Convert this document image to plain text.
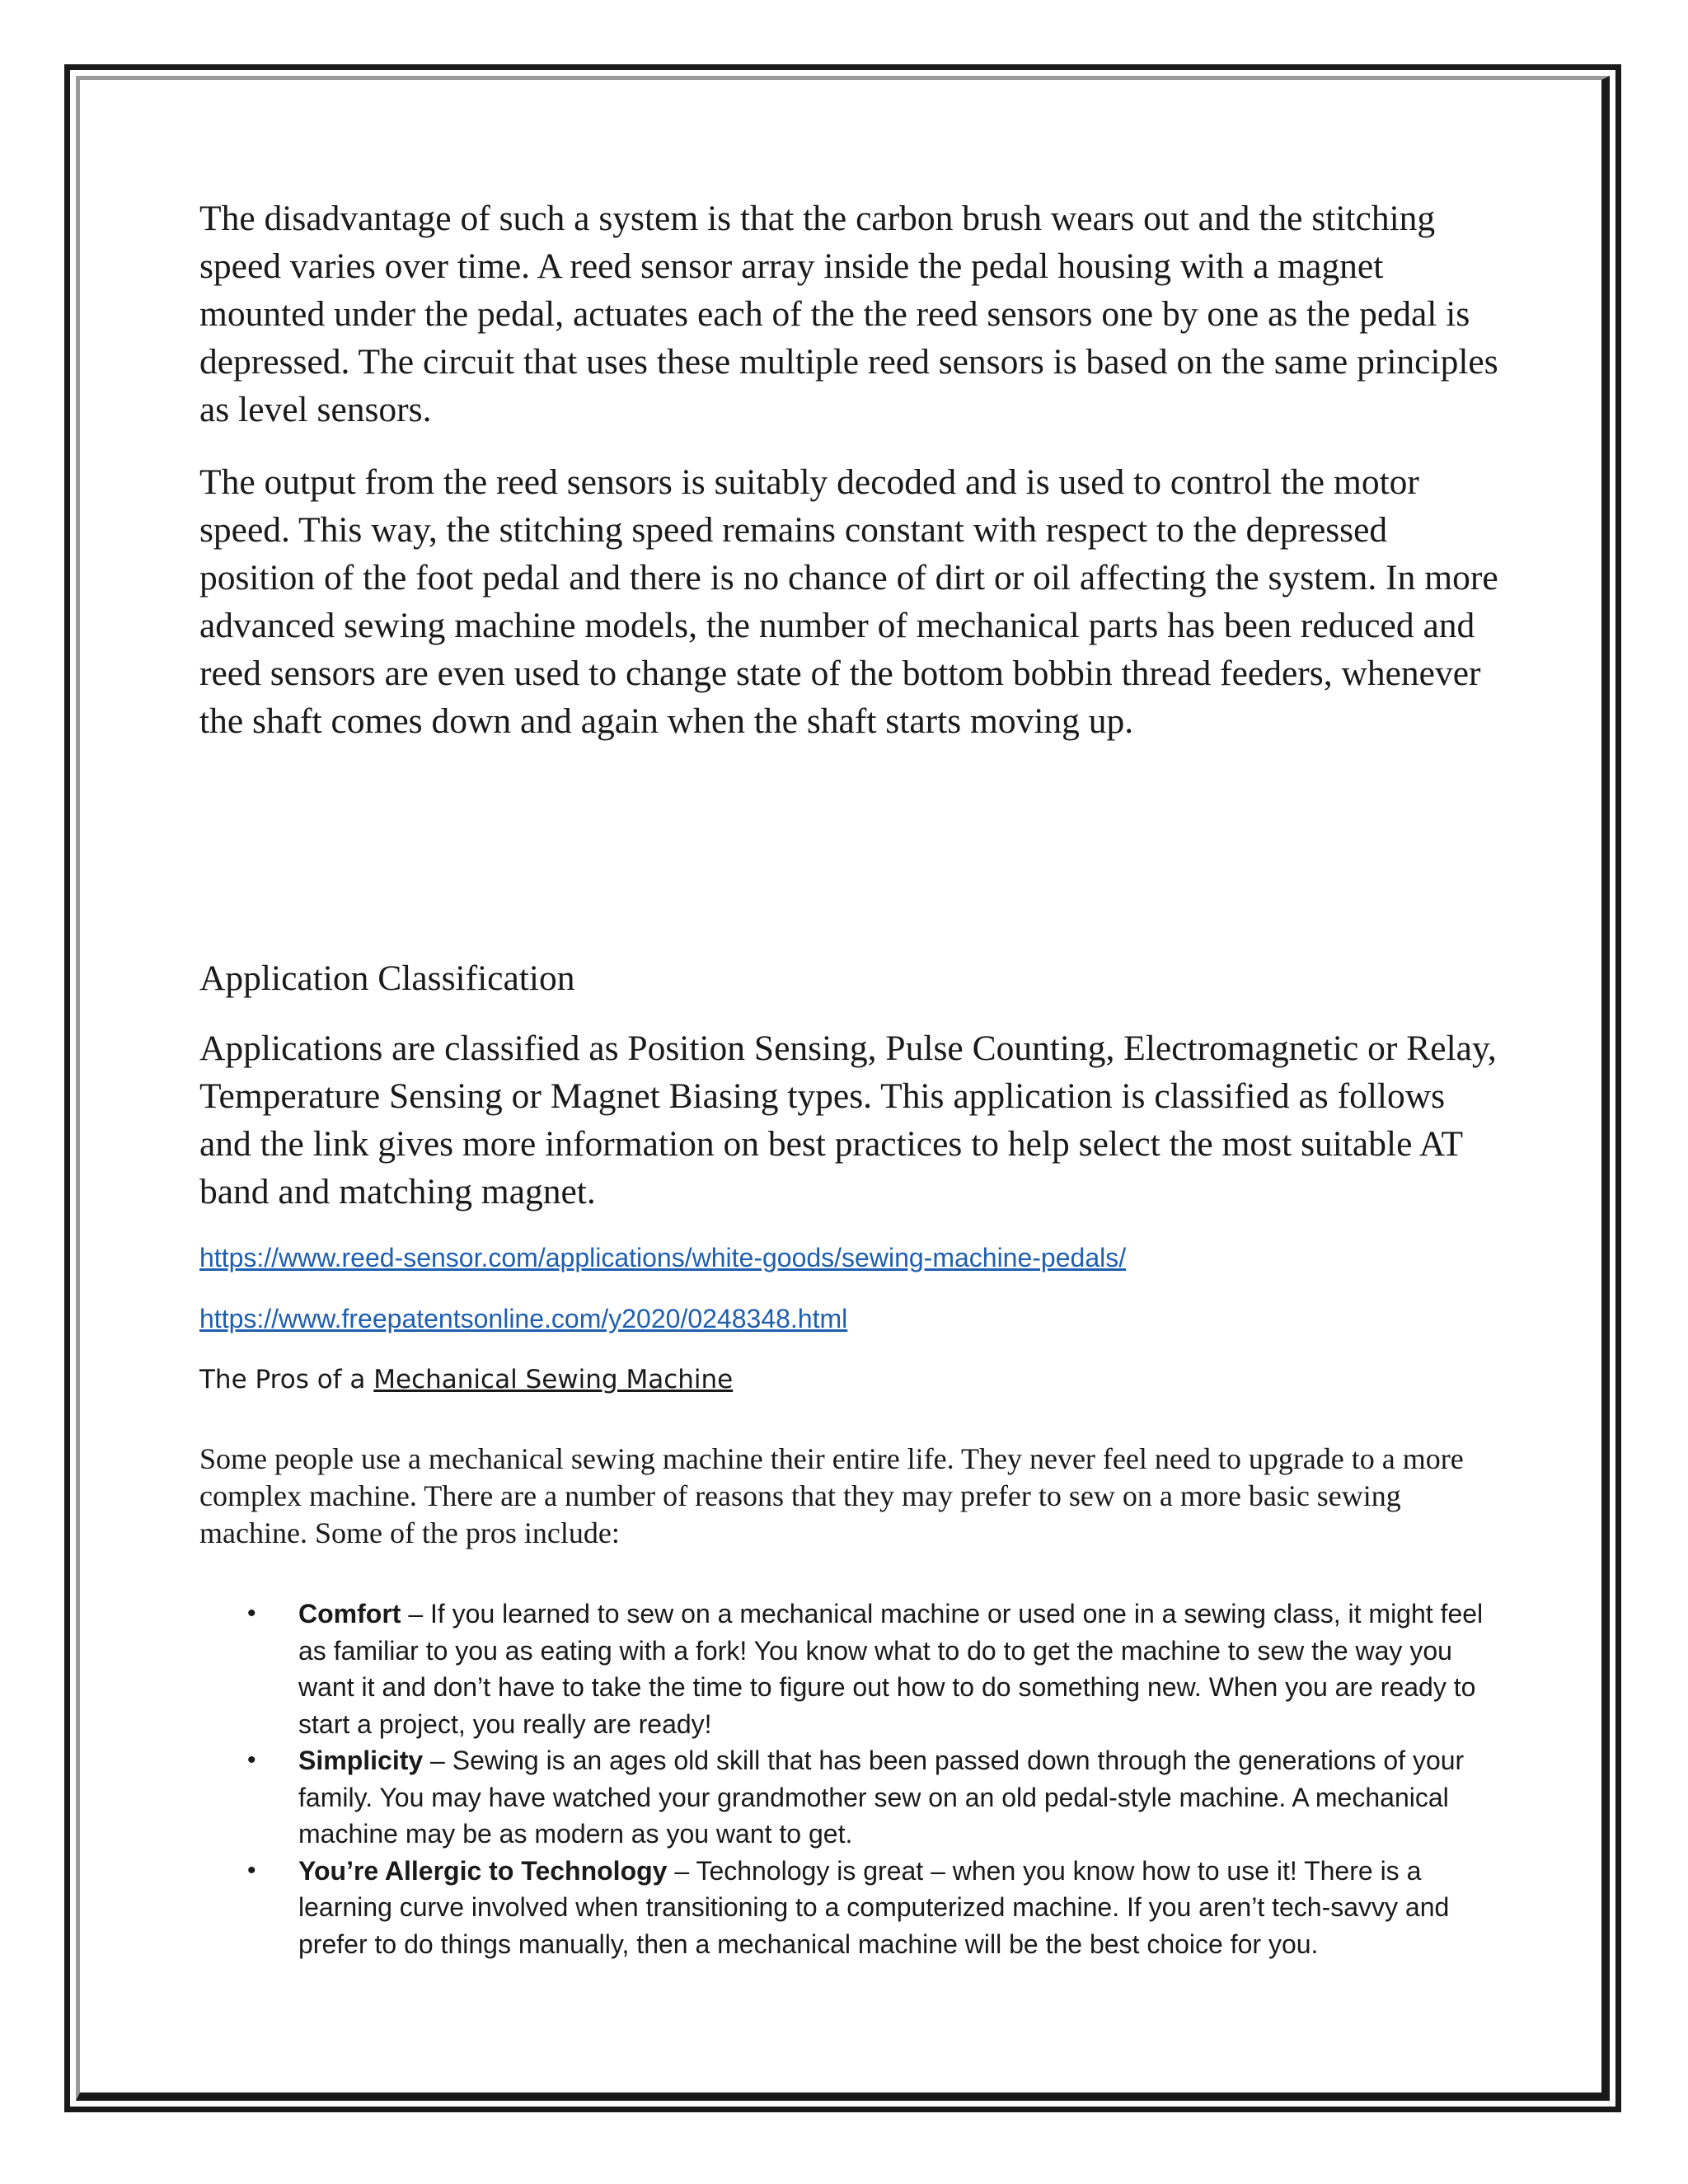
The disadvantage of such a system is that the carbon brush wears out and the stitching speed varies over time. A reed sensor array inside the pedal housing with a magnet mounted under the pedal, actuates each of the the reed sensors one by one as the pedal is depressed. The circuit that uses these multiple reed sensors is based on the same principles as level sensors.

The output from the reed sensors is suitably decoded and is used to control the motor speed. This way, the stitching speed remains constant with respect to the depressed position of the foot pedal and there is no chance of dirt or oil affecting the system. In more advanced sewing machine models, the number of mechanical parts has been reduced and reed sensors are even used to change state of the bottom bobbin thread feeders, whenever the shaft comes down and again when the shaft starts moving up.

Application Classification

Applications are classified as Position Sensing, Pulse Counting, Electromagnetic or Relay, Temperature Sensing or Magnet Biasing types. This application is classified as follows and the link gives more information on best practices to help select the most suitable AT band and matching magnet.

https://www.reed-sensor.com/applications/white-goods/sewing-machine-pedals/
https://www.freepatentsonline.com/y2020/0248348.html
The Pros of a Mechanical Sewing Machine

Some people use a mechanical sewing machine their entire life. They never feel need to upgrade to a more complex machine. There are a number of reasons that they may prefer to sew on a more basic sewing machine. Some of the pros include:

• Comfort – If you learned to sew on a mechanical machine or used one in a sewing class, it might feel as familiar to you as eating with a fork! You know what to do to get the machine to sew the way you want it and don’t have to take the time to figure out how to do something new. When you are ready to start a project, you really are ready!
• Simplicity – Sewing is an ages old skill that has been passed down through the generations of your family. You may have watched your grandmother sew on an old pedal-style machine. A mechanical machine may be as modern as you want to get.
• You’re Allergic to Technology – Technology is great – when you know how to use it! There is a learning curve involved when transitioning to a computerized machine. If you aren’t tech-savvy and prefer to do things manually, then a mechanical machine will be the best choice for you.
